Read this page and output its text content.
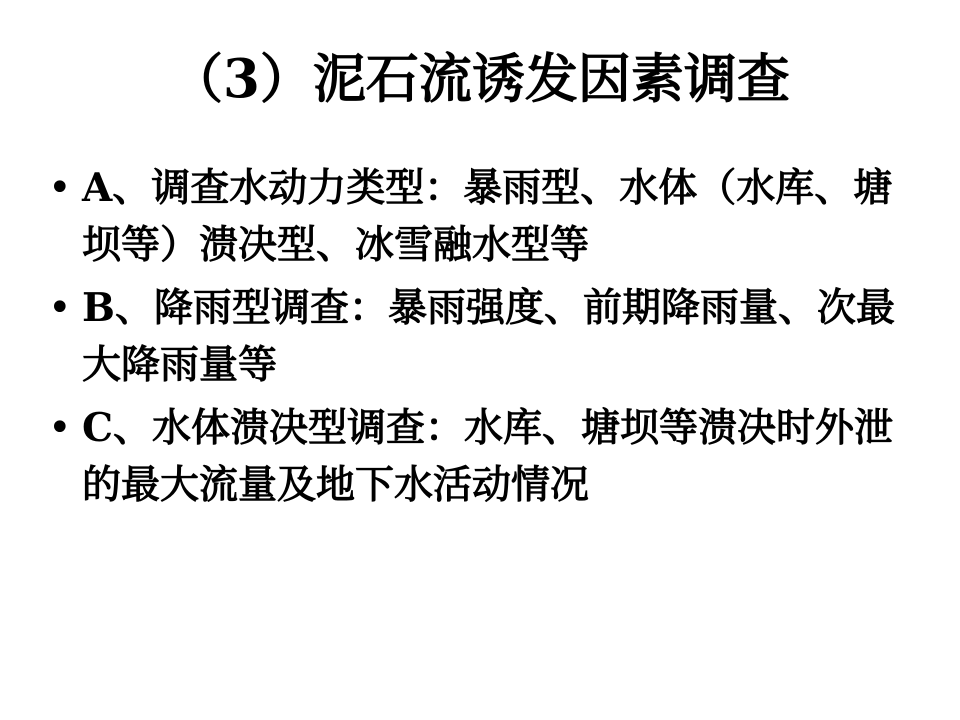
（3）泥石流诱发因素调查
• A、调查水动力类型：暴雨型、水体（水库、塘坝等）溃决型、冰雪融水型等
• B、降雨型调查：暴雨强度、前期降雨量、次最大降雨量等
• C、水体溃决型调查：水库、塘坝等溃决时外泄的最大流量及地下水活动情况
